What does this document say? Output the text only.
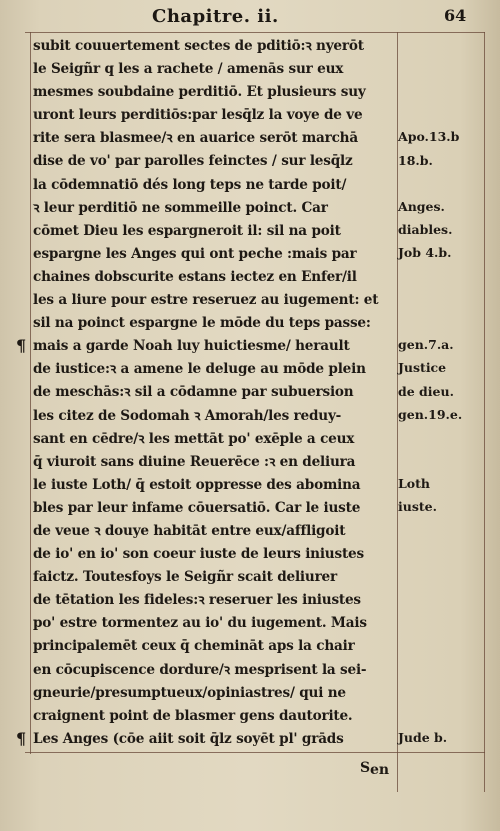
Chapitre. ii.	64
subit couuertement sectes de pditiō:ꝛ nyerōt
le Seigñr q les a rachete / amenās sur eux
mesmes soubdaine perditiō. Et plusieurs suy
uront leurs perditiōs:par lesq̄lz la voye de ve
rite sera blasmee/ꝛ en auarice serōt marchā
dise de vo' par parolles feinctes / sur lesq̄lz
la cōdemnatiō dés long teps ne tarde poit/
ꝛ leur perditiō ne sommeille poinct. Car
cōmet Dieu les espargneroit il: sil na poit
espargne les Anges qui ont peche :mais par
chaines dobscurite estans iectez en Enfer/il
les a liure pour estre reseruez au iugement: et
sil na poinct espargne le mōde du teps passe:
mais a garde Noah luy huictiesme/ herault
de iustice:ꝛ a amene le deluge au mōde plein
de meschās:ꝛ sil a cōdamne par subuersion
les citez de Sodomah ꝛ Amorah/les reduy-
sant en cēdre/ꝛ les mettāt po' exēple a ceux
q̄ viuroit sans diuine Reuerēce :ꝛ en deliura
le iuste Loth/ q̄ estoit oppresse des abomina
bles par leur infame cōuersatiō. Car le iuste
de veue ꝛ douye habitāt entre eux/affligoit
de io' en io' son coeur iuste de leurs iniustes
faictz. Toutesfoys le Seigñr scait deliurer
de tētation les fideles:ꝛ reseruer les iniustes
po' estre tormentez au io' du iugement. Mais
principalemēt ceux q̄ chemināt aps la chair
en cōcupiscence dordure/ꝛ mesprisent la sei-
gneurie/presumptueux/opiniastres/ qui ne
craignent point de blasmer gens dautorite.
Les Anges (cōe aiit soit q̄lz soyēt pl' grāds
Apo.13.b
18.b.
Anges.
diables.
Job 4.b.
gen.7.a.
Justice
de dieu.
gen.19.e.
Loth
iuste.
Jude b.
¶
¶
S en
